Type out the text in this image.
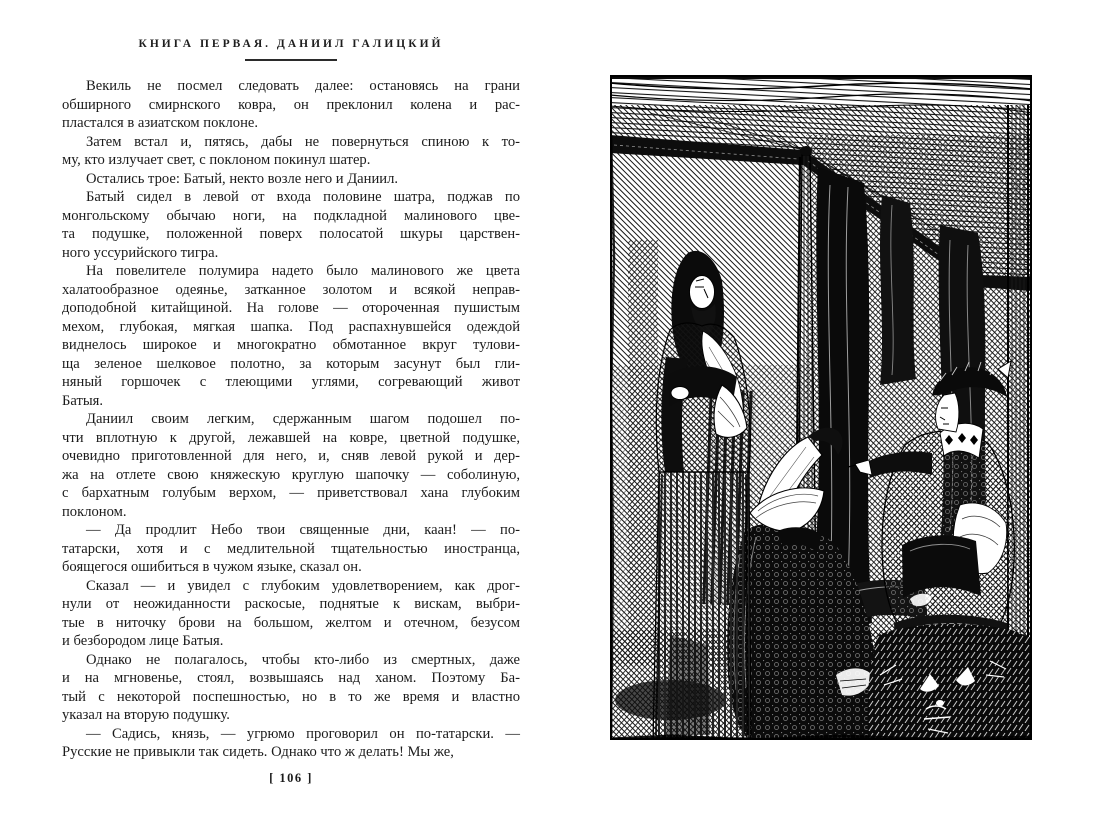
КНИГА ПЕРВАЯ. ДАНИИЛ ГАЛИЦКИЙ

Векиль не посмел следовать далее: остановясь на грани
обширного смирнского ковра, он преклонил колена и рас-
пластался в азиатском поклоне.

Затем встал и, пятясь, дабы не повернуться спиною к то-
му, кто излучает свет, с поклоном покинул шатер.

Остались трое: Батый, некто возле него и Даниил.

Батый сидел в левой от входа половине шатра, поджав по
монгольскому обычаю ноги, на подкладной малинового цве-
та подушке, положенной поверх полосатой шкуры царствен-
ного уссурийского тигра.

На повелителе полумира надето было малинового же цвета
халатообразное одеянье, затканное золотом и всякой неправ-
доподобной китайщиной. На голове — отороченная пушистым
мехом, глубокая, мягкая шапка. Под распахнувшейся одеждой
виднелось широкое и многократно обмотанное вкруг тулови-
ща зеленое шелковое полотно, за которым засунут был гли-
няный горшочек с тлеющими углями, согревающий живот
Батыя.

Даниил своим легким, сдержанным шагом подошел по-
чти вплотную к другой, лежавшей на ковре, цветной подушке,
очевидно приготовленной для него, и, сняв левой рукой и дер-
жа на отлете свою княжескую круглую шапочку — соболиную,
с бархатным голубым верхом, — приветствовал хана глубоким
поклоном.

— Да продлит Небо твои священные дни, каан! — по-
татарски, хотя и с медлительной тщательностью иностранца,
боящегося ошибиться в чужом языке, сказал он.

Сказал — и увидел с глубоким удовлетворением, как дрог-
нули от неожиданности раскосые, поднятые к вискам, выбри-
тые в ниточку брови на большом, желтом и отечном, безусом
и безбородом лице Батыя.

Однако не полагалось, чтобы кто-либо из смертных, даже
и на мгновенье, стоял, возвышаясь над ханом. Поэтому Ба-
тый с некоторой поспешностью, но в то же время и властно
указал на вторую подушку.

— Садись, князь, — угрюмо проговорил он по-татарски. —
Русские не привыкли так сидеть. Однако что ж делать! Мы же,

[ 106 ]
